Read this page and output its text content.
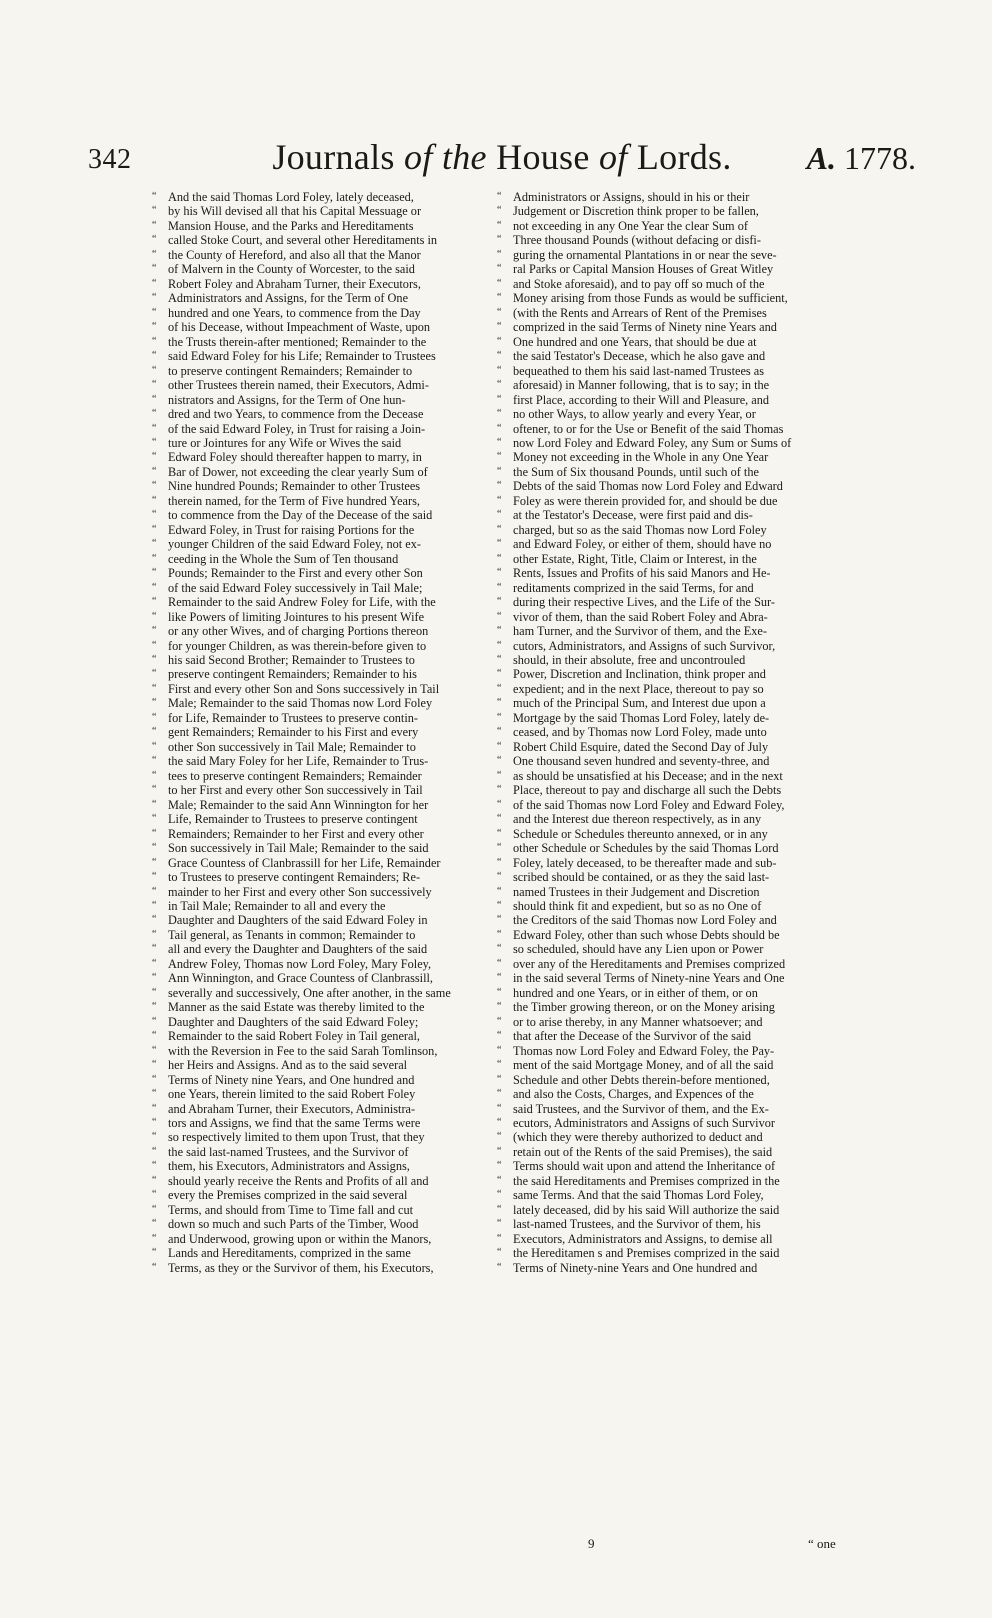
342	Journals of the House of Lords.	A. 1778.
“ And the said Thomas Lord Foley, lately deceased,
“ by his Will devised all that his Capital Messuage or
“ Mansion House, and the Parks and Hereditaments
“ called Stoke Court, and several other Hereditaments in
“ the County of Hereford, and also all that the Manor
“ of Malvern in the County of Worcester, to the said
“ Robert Foley and Abraham Turner, their Executors,
“ Administrators and Assigns, for the Term of One
“ hundred and one Years, to commence from the Day
“ of his Decease, without Impeachment of Waste, upon
“ the Trusts therein-after mentioned; Remainder to the
“ said Edward Foley for his Life; Remainder to Trustees
“ to preserve contingent Remainders; Remainder to
“ other Trustees therein named, their Executors, Admi-
“ nistrators and Assigns, for the Term of One hun-
“ dred and two Years, to commence from the Decease
“ of the said Edward Foley, in Trust for raising a Join-
“ ture or Jointures for any Wife or Wives the said
“ Edward Foley should thereafter happen to marry, in
“ Bar of Dower, not exceeding the clear yearly Sum of
“ Nine hundred Pounds; Remainder to other Trustees
“ therein named, for the Term of Five hundred Years,
“ to commence from the Day of the Decease of the said
“ Edward Foley, in Trust for raising Portions for the
“ younger Children of the said Edward Foley, not ex-
“ ceeding in the Whole the Sum of Ten thousand
“ Pounds; Remainder to the First and every other Son
“ of the said Edward Foley successively in Tail Male;
“ Remainder to the said Andrew Foley for Life, with the
“ like Powers of limiting Jointures to his present Wife
“ or any other Wives, and of charging Portions thereon
“ for younger Children, as was therein-before given to
“ his said Second Brother; Remainder to Trustees to
“ preserve contingent Remainders; Remainder to his
“ First and every other Son and Sons successively in Tail
“ Male; Remainder to the said Thomas now Lord Foley
“ for Life, Remainder to Trustees to preserve contin-
“ gent Remainders; Remainder to his First and every
“ other Son successively in Tail Male; Remainder to
“ the said Mary Foley for her Life, Remainder to Trus-
“ tees to preserve contingent Remainders; Remainder
“ to her First and every other Son successively in Tail
“ Male; Remainder to the said Ann Winnington for her
“ Life, Remainder to Trustees to preserve contingent
“ Remainders; Remainder to her First and every other
“ Son successively in Tail Male; Remainder to the said
“ Grace Countess of Clanbrassill for her Life, Remainder
“ to Trustees to preserve contingent Remainders; Re-
“ mainder to her First and every other Son successively
“ in Tail Male; Remainder to all and every the
“ Daughter and Daughters of the said Edward Foley in
“ Tail general, as Tenants in common; Remainder to
“ all and every the Daughter and Daughters of the said
“ Andrew Foley, Thomas now Lord Foley, Mary Foley,
“ Ann Winnington, and Grace Countess of Clanbrassill,
“ severally and successively, One after another, in the same
“ Manner as the said Estate was thereby limited to the
“ Daughter and Daughters of the said Edward Foley;
“ Remainder to the said Robert Foley in Tail general,
“ with the Reversion in Fee to the said Sarah Tomlinson,
“ her Heirs and Assigns. And as to the said several
“ Terms of Ninety nine Years, and One hundred and
“ one Years, therein limited to the said Robert Foley
“ and Abraham Turner, their Executors, Administra-
“ tors and Assigns, we find that the same Terms were
“ so respectively limited to them upon Trust, that they
“ the said last-named Trustees, and the Survivor of
“ them, his Executors, Administrators and Assigns,
“ should yearly receive the Rents and Profits of all and
“ every the Premises comprized in the said several
“ Terms, and should from Time to Time fall and cut
“ down so much and such Parts of the Timber, Wood
“ and Underwood, growing upon or within the Manors,
“ Lands and Hereditaments, comprized in the same
“ Terms, as they or the Survivor of them, his Executors,
“ Administrators or Assigns, should in his or their
“ Judgement or Discretion think proper to be fallen,
“ not exceeding in any One Year the clear Sum of
“ Three thousand Pounds (without defacing or disfi-
“ guring the ornamental Plantations in or near the seve-
“ ral Parks or Capital Mansion Houses of Great Witley
“ and Stoke aforesaid), and to pay off so much of the
“ Money arising from those Funds as would be sufficient,
“ (with the Rents and Arrears of Rent of the Premises
“ comprized in the said Terms of Ninety nine Years and
“ One hundred and one Years, that should be due at
“ the said Testator's Decease, which he also gave and
“ bequeathed to them his said last-named Trustees as
“ aforesaid) in Manner following, that is to say; in the
“ first Place, according to their Will and Pleasure, and
“ no other Ways, to allow yearly and every Year, or
“ oftener, to or for the Use or Benefit of the said Thomas
“ now Lord Foley and Edward Foley, any Sum or Sums of
“ Money not exceeding in the Whole in any One Year
“ the Sum of Six thousand Pounds, until such of the
“ Debts of the said Thomas now Lord Foley and Edward
“ Foley as were therein provided for, and should be due
“ at the Testator's Decease, were first paid and dis-
“ charged, but so as the said Thomas now Lord Foley
“ and Edward Foley, or either of them, should have no
“ other Estate, Right, Title, Claim or Interest, in the
“ Rents, Issues and Profits of his said Manors and He-
“ reditaments comprized in the said Terms, for and
“ during their respective Lives, and the Life of the Sur-
“ vivor of them, than the said Robert Foley and Abra-
“ ham Turner, and the Survivor of them, and the Exe-
“ cutors, Administrators, and Assigns of such Survivor,
“ should, in their absolute, free and uncontrouled
“ Power, Discretion and Inclination, think proper and
“ expedient; and in the next Place, thereout to pay so
“ much of the Principal Sum, and Interest due upon a
“ Mortgage by the said Thomas Lord Foley, lately de-
“ ceased, and by Thomas now Lord Foley, made unto
“ Robert Child Esquire, dated the Second Day of July
“ One thousand seven hundred and seventy-three, and
“ as should be unsatisfied at his Decease; and in the next
“ Place, thereout to pay and discharge all such the Debts
“ of the said Thomas now Lord Foley and Edward Foley,
“ and the Interest due thereon respectively, as in any
“ Schedule or Schedules thereunto annexed, or in any
“ other Schedule or Schedules by the said Thomas Lord
“ Foley, lately deceased, to be thereafter made and sub-
“ scribed should be contained, or as they the said last-
“ named Trustees in their Judgement and Discretion
“ should think fit and expedient, but so as no One of
“ the Creditors of the said Thomas now Lord Foley and
“ Edward Foley, other than such whose Debts should be
“ so scheduled, should have any Lien upon or Power
“ over any of the Hereditaments and Premises comprized
“ in the said several Terms of Ninety-nine Years and One
“ hundred and one Years, or in either of them, or on
“ the Timber growing thereon, or on the Money arising
“ or to arise thereby, in any Manner whatsoever; and
“ that after the Decease of the Survivor of the said
“ Thomas now Lord Foley and Edward Foley, the Pay-
“ ment of the said Mortgage Money, and of all the said
“ Schedule and other Debts therein-before mentioned,
“ and also the Costs, Charges, and Expences of the
“ said Trustees, and the Survivor of them, and the Ex-
“ ecutors, Administrators and Assigns of such Survivor
“ (which they were thereby authorized to deduct and
“ retain out of the Rents of the said Premises), the said
“ Terms should wait upon and attend the Inheritance of
“ the said Hereditaments and Premises comprized in the
“ same Terms. And that the said Thomas Lord Foley,
“ lately deceased, did by his said Will authorize the said
“ last-named Trustees, and the Survivor of them, his
“ Executors, Administrators and Assigns, to demise all
“ the Hereditamen s and Premises comprized in the said
“ Terms of Ninety-nine Years and One hundred and
9	“ one
